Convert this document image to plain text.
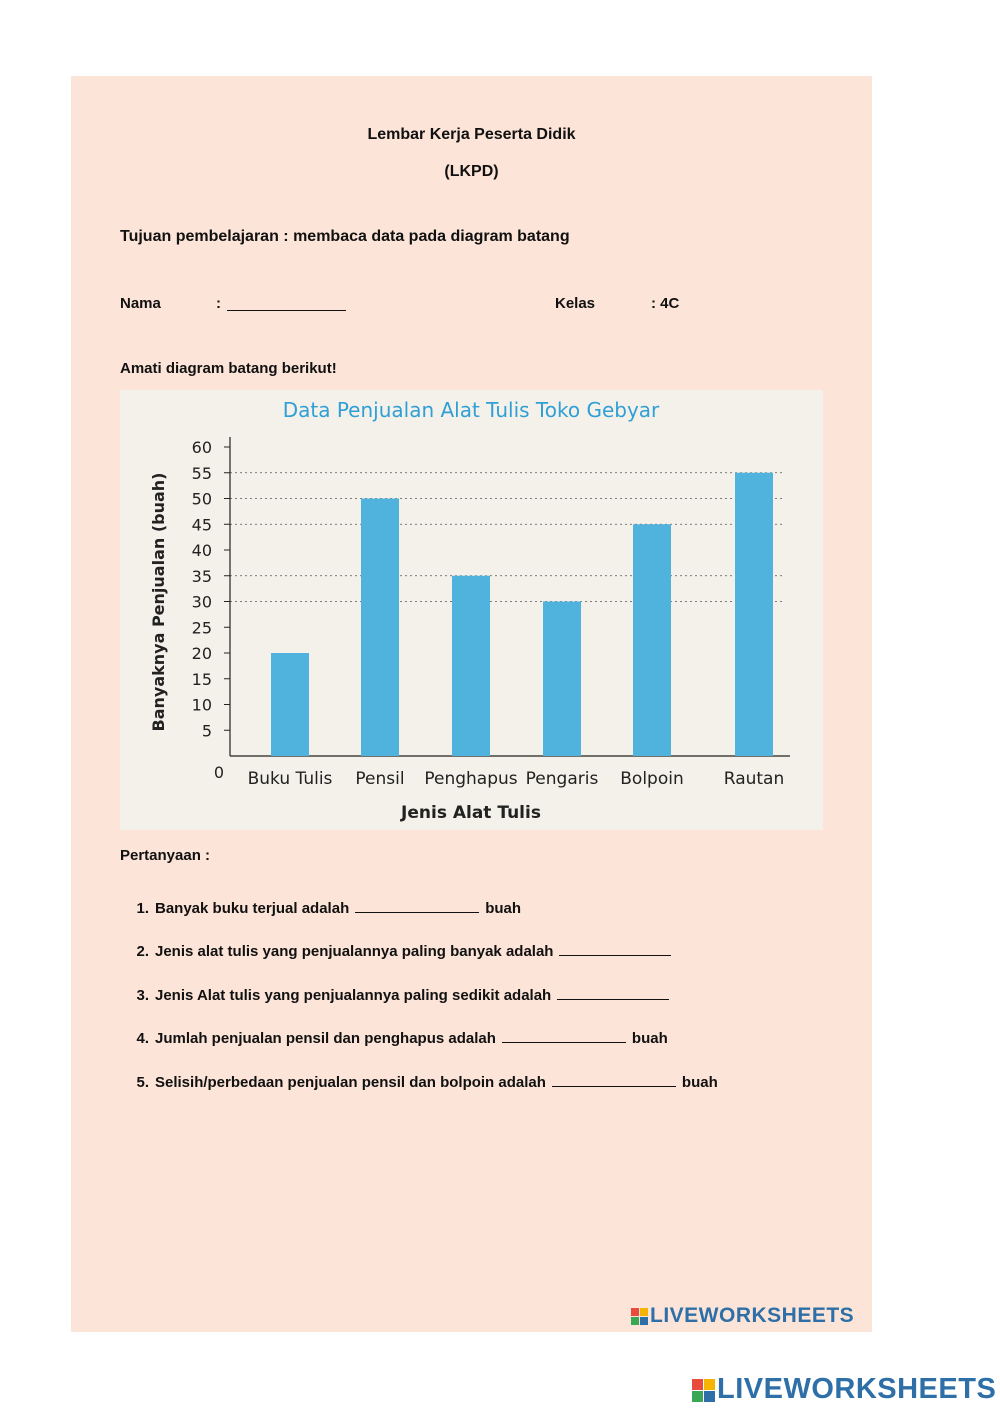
Lembar Kerja Peserta Didik
(LKPD)
Tujuan pembelajaran : membaca data pada diagram batang
Nama	:	Kelas	: 4C
Amati diagram batang berikut!
Data Penjualan Alat Tulis Toko Gebyar
0
5
10
15
20
25
30
35
40
45
50
55
60
Buku Tulis Pensil Penghapus Pengaris Bolpoin Rautan
Jenis Alat Tulis
Banyaknya Penjualan (buah)
Pertanyaan :
1. Banyak buku terjual adalah	buah
2. Jenis alat tulis yang penjualannya paling banyak adalah
3. Jenis Alat tulis yang penjualannya paling sedikit adalah
4. Jumlah penjualan pensil dan penghapus adalah	buah
5. Selisih/perbedaan penjualan pensil dan bolpoin adalah	buah
LIVEWORKSHEETS
LIVEWORKSHEETS
